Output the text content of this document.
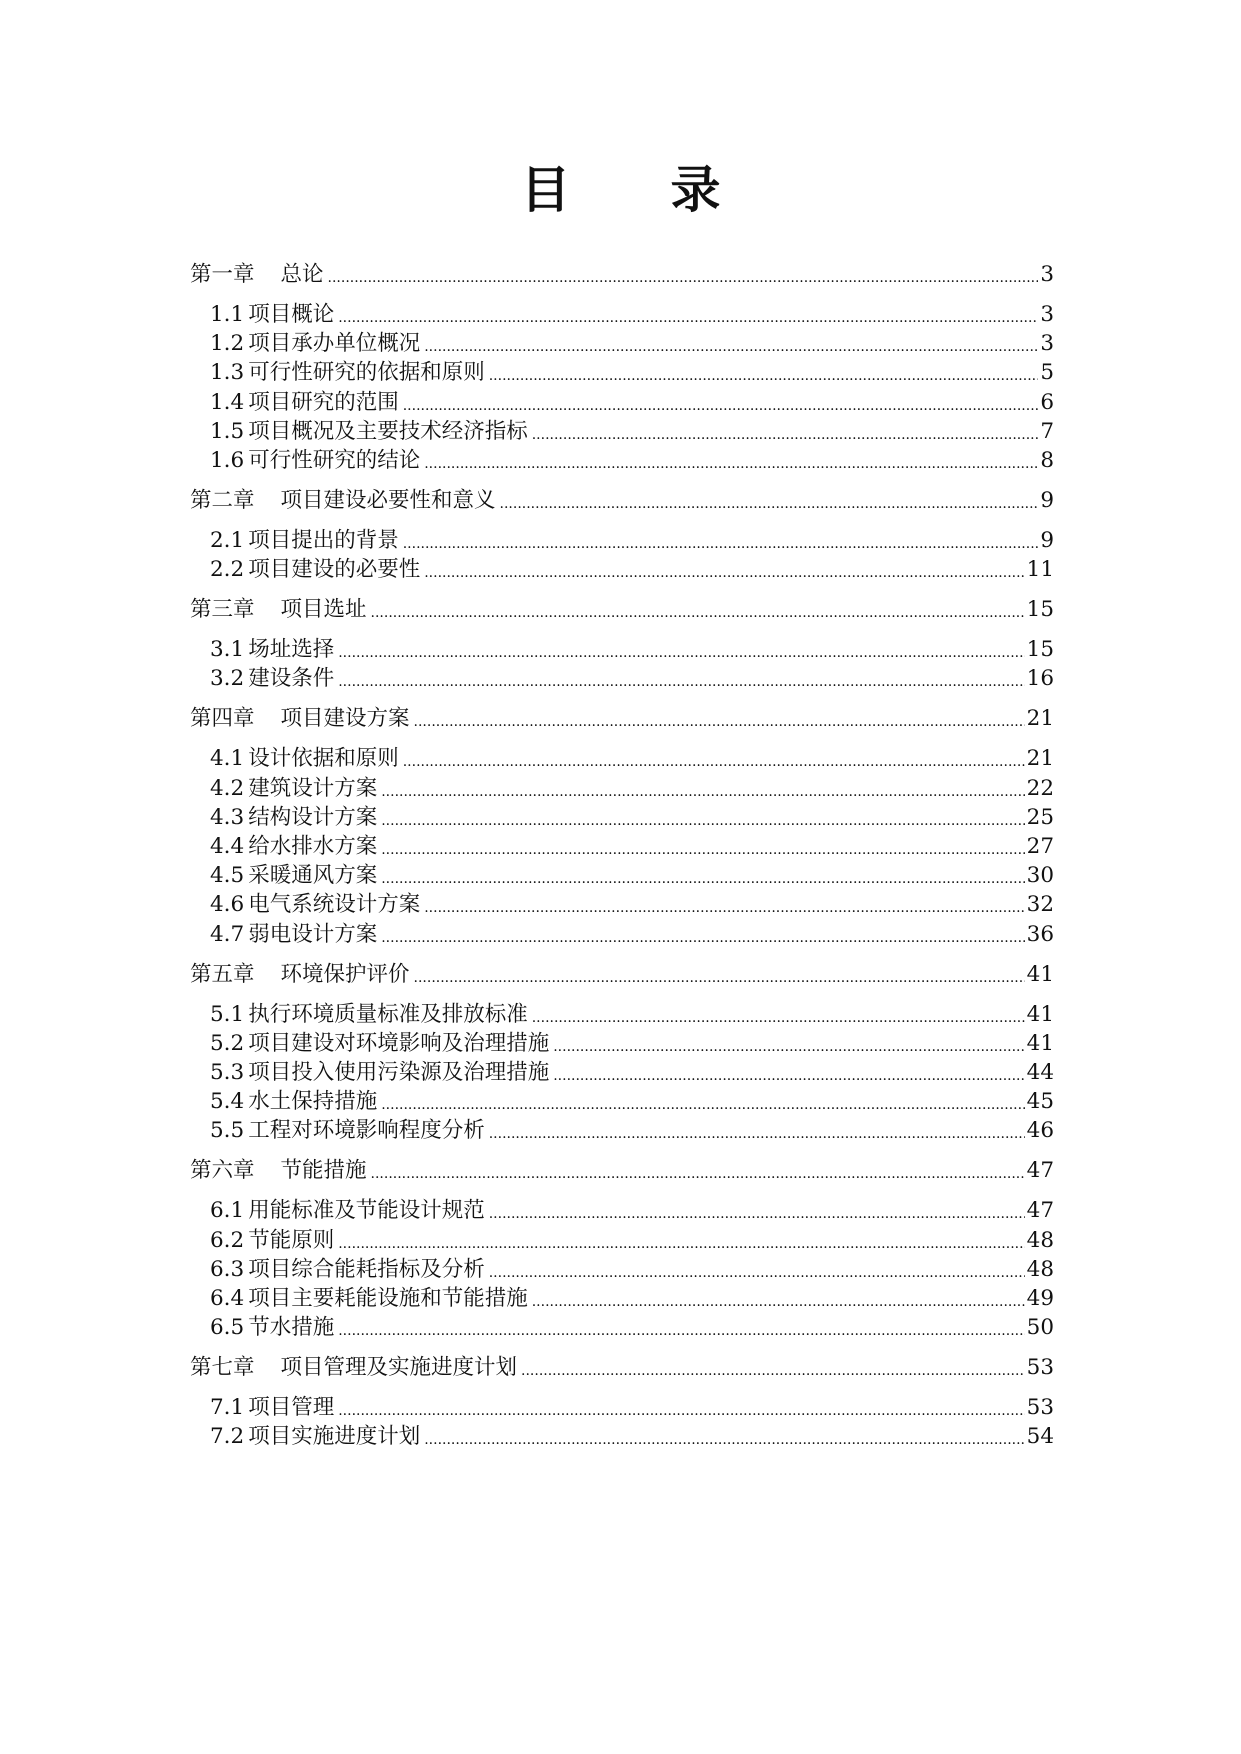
目 录
第一章 总论 .....	3
1.1 项目概论 .....	3
1.2 项目承办单位概况 .....	3
1.3 可行性研究的依据和原则 .....	5
1.4 项目研究的范围 .....	6
1.5 项目概况及主要技术经济指标 .....	7
1.6 可行性研究的结论 .....	8
第二章 项目建设必要性和意义 .....	9
2.1 项目提出的背景 .....	9
2.2 项目建设的必要性 .....	11
第三章 项目选址 .....	15
3.1 场址选择 .....	15
3.2 建设条件 .....	16
第四章 项目建设方案 .....	21
4.1 设计依据和原则 .....	21
4.2 建筑设计方案 .....	22
4.3 结构设计方案 .....	25
4.4 给水排水方案 .....	27
4.5 采暖通风方案 .....	30
4.6 电气系统设计方案 .....	32
4.7 弱电设计方案 .....	36
第五章 环境保护评价 .....	41
5.1 执行环境质量标准及排放标准 .....	41
5.2 项目建设对环境影响及治理措施 .....	41
5.3 项目投入使用污染源及治理措施 .....	44
5.4 水土保持措施 .....	45
5.5 工程对环境影响程度分析 .....	46
第六章 节能措施 .....	47
6.1 用能标准及节能设计规范 .....	47
6.2 节能原则 .....	48
6.3 项目综合能耗指标及分析 .....	48
6.4 项目主要耗能设施和节能措施 .....	49
6.5 节水措施 .....	50
第七章 项目管理及实施进度计划 .....	53
7.1 项目管理 .....	53
7.2 项目实施进度计划 .....	54
